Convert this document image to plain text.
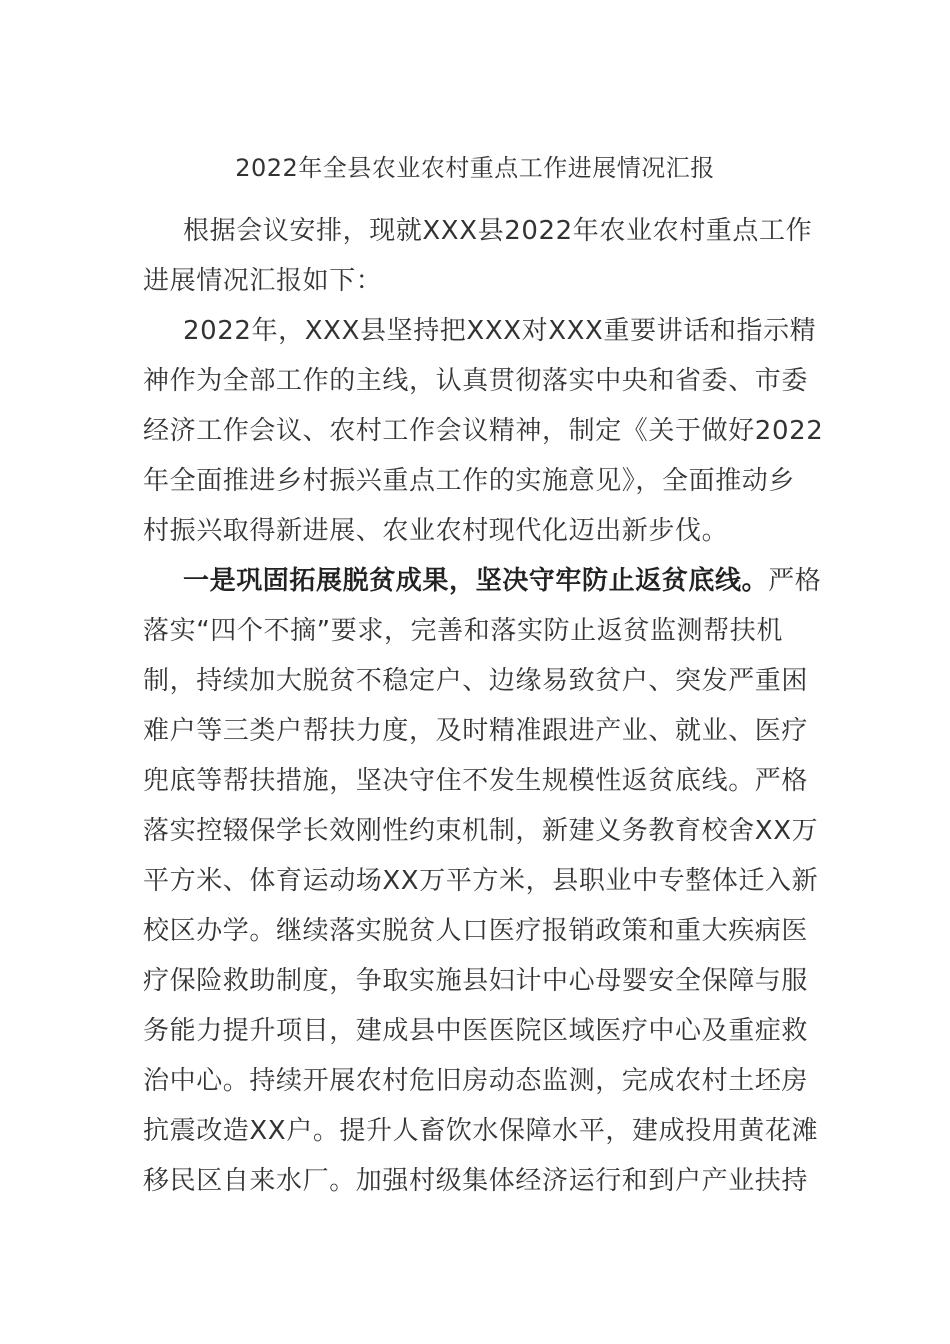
2022年全县农业农村重点工作进展情况汇报

根据会议安排，现就XXX县2022年农业农村重点工作
进展情况汇报如下：

2022年，XXX县坚持把XXX对XXX重要讲话和指示精
神作为全部工作的主线，认真贯彻落实中央和省委、市委
经济工作会议、农村工作会议精神，制定《关于做好2022
年全面推进乡村振兴重点工作的实施意见》，全面推动乡
村振兴取得新进展、农业农村现代化迈出新步伐。

一是巩固拓展脱贫成果，坚决守牢防止返贫底线。严格
落实“四个不摘”要求，完善和落实防止返贫监测帮扶机
制，持续加大脱贫不稳定户、边缘易致贫户、突发严重困
难户等三类户帮扶力度，及时精准跟进产业、就业、医疗
兜底等帮扶措施，坚决守住不发生规模性返贫底线。严格
落实控辍保学长效刚性约束机制，新建义务教育校舍XX万
平方米、体育运动场XX万平方米，县职业中专整体迁入新
校区办学。继续落实脱贫人口医疗报销政策和重大疾病医
疗保险救助制度，争取实施县妇计中心母婴安全保障与服
务能力提升项目，建成县中医医院区域医疗中心及重症救
治中心。持续开展农村危旧房动态监测，完成农村土坯房
抗震改造XX户。提升人畜饮水保障水平，建成投用黄花滩
移民区自来水厂。加强村级集体经济运行和到户产业扶持
